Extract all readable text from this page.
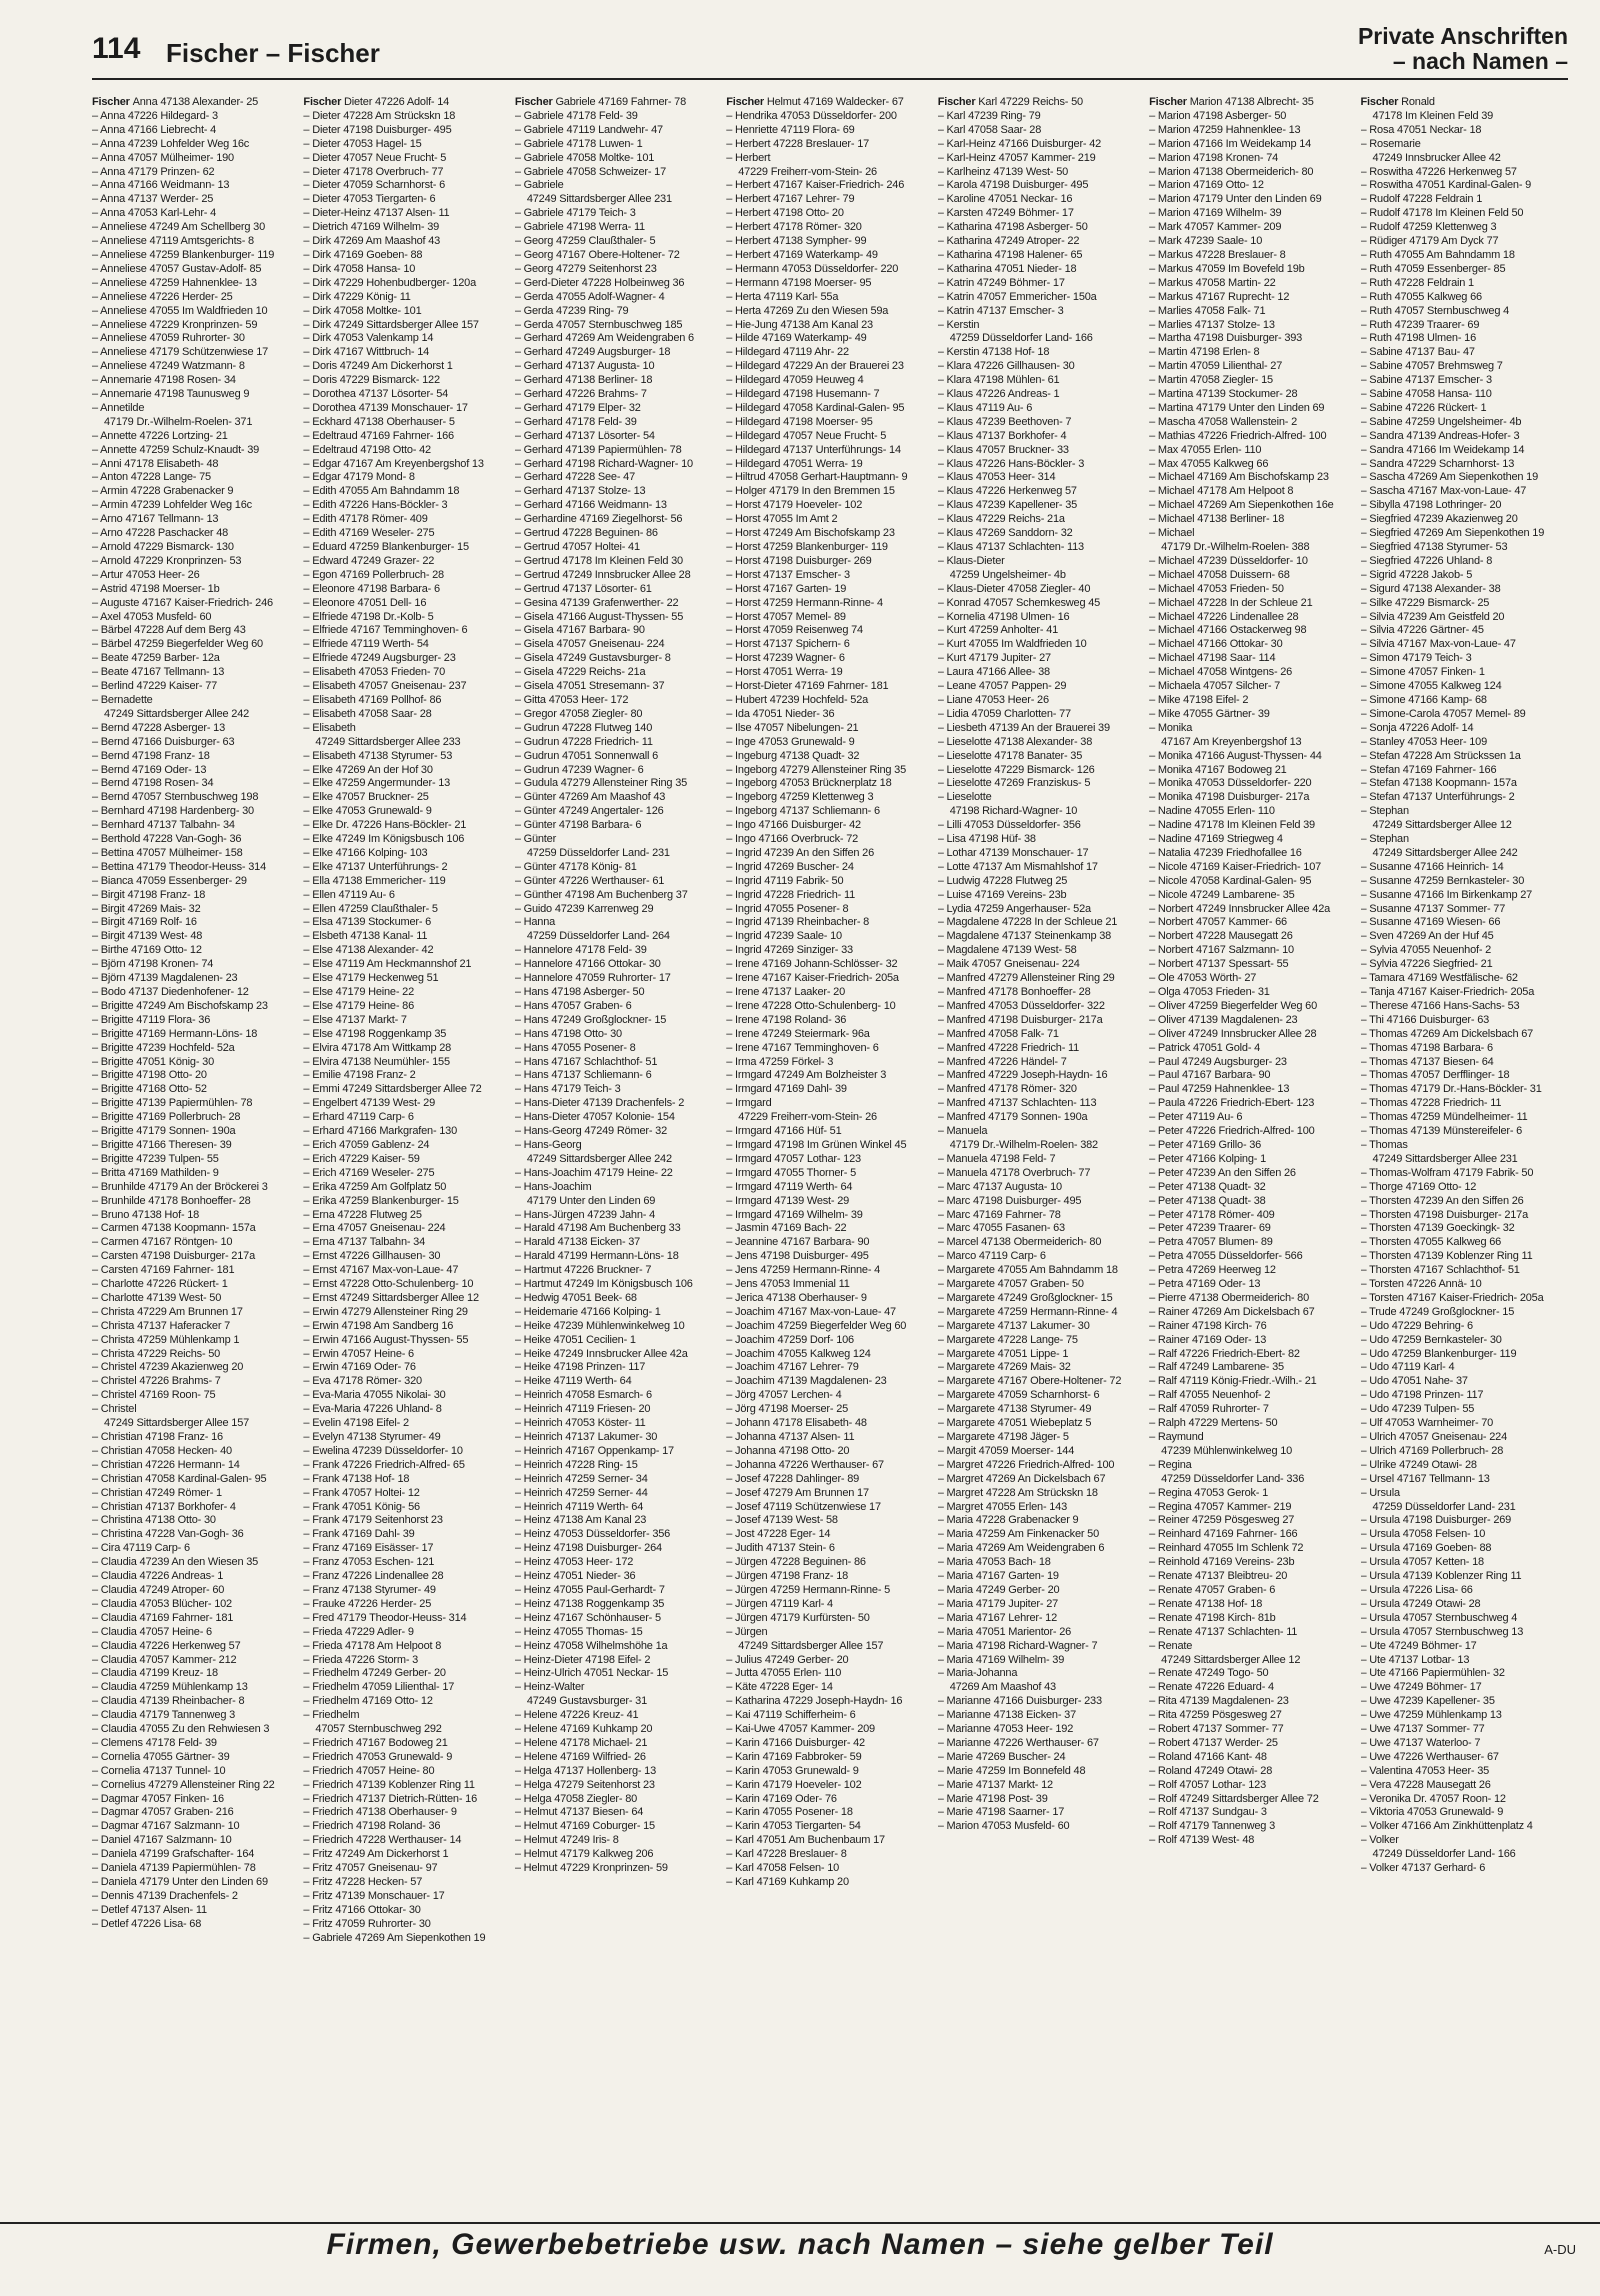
114 Fischer – Fischer
Private Anschriften
– nach Namen –
Fischer Anna 47138 Alexander- 25
– Anna 47226 Hildegard- 3
– Anna 47166 Liebrecht- 4
– Anna 47239 Lohfelder Weg 16c
– Anna 47057 Mülheimer- 190
– Anna 47179 Prinzen- 62
– Anna 47166 Weidmann- 13
– Anna 47137 Werder- 25
– Anna 47053 Karl-Lehr- 4
– Anneliese 47249 Am Schellberg 30
– Anneliese 47119 Amtsgerichts- 8
– Anneliese 47259 Blankenburger- 119
– Anneliese 47057 Gustav-Adolf- 85
– Anneliese 47259 Hahnenklee- 13
– Anneliese 47226 Herder- 25
– Anneliese 47055 Im Waldfrieden 10
– Anneliese 47229 Kronprinzen- 59
– Anneliese 47059 Ruhrorter- 30
– Anneliese 47179 Schützenwiese 17
– Anneliese 47249 Watzmann- 8
– Annemarie 47198 Rosen- 34
– Annemarie 47198 Taunusweg 9
– Annetilde
47179 Dr.-Wilhelm-Roelen- 371
– Annette 47226 Lortzing- 21
– Annette 47259 Schulz-Knaudt- 39
– Anni 47178 Elisabeth- 48
– Anton 47228 Lange- 75
– Armin 47228 Grabenacker 9
– Armin 47239 Lohfelder Weg 16c
– Arno 47167 Tellmann- 13
– Arno 47228 Paschacker 48
– Arnold 47229 Bismarck- 130
– Arnold 47229 Kronprinzen- 53
– Artur 47053 Heer- 26
– Astrid 47198 Moerser- 1b
– Auguste 47167 Kaiser-Friedrich- 246
– Axel 47053 Musfeld- 60
– Bärbel 47228 Auf dem Berg 43
– Bärbel 47259 Biegerfelder Weg 60
– Beate 47259 Barber- 12a
– Beate 47167 Tellmann- 13
– Berlind 47229 Kaiser- 77
– Bernadette
47249 Sittardsberger Allee 242
– Bernd 47228 Asberger- 13
– Bernd 47166 Duisburger- 63
– Bernd 47198 Franz- 18
– Bernd 47169 Oder- 13
– Bernd 47198 Rosen- 34
– Bernd 47057 Sternbuschweg 198
– Bernhard 47198 Hardenberg- 30
– Bernhard 47137 Talbahn- 34
– Berthold 47228 Van-Gogh- 36
– Bettina 47057 Mülheimer- 158
– Bettina 47179 Theodor-Heuss- 314
– Bianca 47059 Essenberger- 29
– Birgit 47198 Franz- 18
– Birgit 47269 Mais- 32
– Birgit 47169 Rolf- 16
– Birgit 47139 West- 48
– Birthe 47169 Otto- 12
– Björn 47198 Kronen- 74
– Björn 47139 Magdalenen- 23
– Bodo 47137 Diedenhofener- 12
– Brigitte 47249 Am Bischofskamp 23
– Brigitte 47119 Flora- 36
– Brigitte 47169 Hermann-Löns- 18
– Brigitte 47239 Hochfeld- 52a
– Brigitte 47051 König- 30
– Brigitte 47198 Otto- 20
– Brigitte 47168 Otto- 52
– Brigitte 47139 Papiermühlen- 78
– Brigitte 47169 Pollerbruch- 28
– Brigitte 47179 Sonnen- 190a
– Brigitte 47166 Theresen- 39
– Brigitte 47239 Tulpen- 55
– Britta 47169 Mathilden- 9
– Brunhilde 47179 An der Bröckerei 3
– Brunhilde 47178 Bonhoeffer- 28
– Bruno 47138 Hof- 18
– Carmen 47138 Koopmann- 157a
– Carmen 47167 Röntgen- 10
– Carsten 47198 Duisburger- 217a
– Carsten 47169 Fahrner- 181
– Charlotte 47226 Rückert- 1
– Charlotte 47139 West- 50
– Christa 47229 Am Brunnen 17
– Christa 47137 Haferacker 7
– Christa 47259 Mühlenkamp 1
– Christa 47229 Reichs- 50
– Christel 47239 Akazienweg 20
– Christel 47226 Brahms- 7
– Christel 47169 Roon- 75
– Christel
47249 Sittardsberger Allee 157
– Christian 47198 Franz- 16
– Christian 47058 Hecken- 40
– Christian 47226 Hermann- 14
– Christian 47058 Kardinal-Galen- 95
– Christian 47249 Römer- 1
– Christian 47137 Borkhofer- 4
– Christina 47138 Otto- 30
– Christina 47228 Van-Gogh- 36
– Cira 47119 Carp- 6
– Claudia 47239 An den Wiesen 35
– Claudia 47226 Andreas- 1
– Claudia 47249 Atroper- 60
– Claudia 47053 Blücher- 102
– Claudia 47169 Fahrner- 181
– Claudia 47057 Heine- 6
– Claudia 47226 Herkenweg 57
– Claudia 47057 Kammer- 212
– Claudia 47199 Kreuz- 18
– Claudia 47259 Mühlenkamp 13
– Claudia 47139 Rheinbacher- 8
– Claudia 47179 Tannenweg 3
– Claudia 47055 Zu den Rehwiesen 3
– Clemens 47178 Feld- 39
– Cornelia 47055 Gärtner- 39
– Cornelia 47137 Tunnel- 10
– Cornelius 47279 Allensteiner Ring 22
– Dagmar 47057 Finken- 16
– Dagmar 47057 Graben- 216
– Dagmar 47167 Salzmann- 10
– Daniel 47167 Salzmann- 10
– Daniela 47199 Grafschafter- 164
– Daniela 47139 Papiermühlen- 78
– Daniela 47179 Unter den Linden 69
– Dennis 47139 Drachenfels- 2
– Detlef 47137 Alsen- 11
– Detlef 47226 Lisa- 68
Fischer Dieter 47226 Adolf- 14
– Dieter 47228 Am Strückskn 18
– Dieter 47198 Duisburger- 495
– Dieter 47053 Hagel- 15
– Dieter 47057 Neue Frucht- 5
– Dieter 47178 Overbruch- 77
– Dieter 47059 Scharnhorst- 6
– Dieter 47053 Tiergarten- 6
– Dieter-Heinz 47137 Alsen- 11
– Dietrich 47169 Wilhelm- 39
– Dirk 47269 Am Maashof 43
– Dirk 47169 Goeben- 88
– Dirk 47058 Hansa- 10
– Dirk 47229 Hohenbudberger- 120a
– Dirk 47229 König- 11
– Dirk 47058 Moltke- 101
– Dirk 47249 Sittardsberger Allee 157
– Dirk 47053 Valenkamp 14
– Dirk 47167 Wittbruch- 14
– Doris 47249 Am Dickerhorst 1
– Doris 47229 Bismarck- 122
– Dorothea 47137 Lösorter- 54
– Dorothea 47139 Monschauer- 17
– Eckhard 47138 Oberhauser- 5
– Edeltraud 47169 Fahrner- 166
– Edeltraud 47198 Otto- 42
– Edgar 47167 Am Kreyenbergshof 13
– Edgar 47179 Mond- 8
– Edith 47055 Am Bahndamm 18
– Edith 47226 Hans-Böckler- 3
– Edith 47178 Römer- 409
– Edith 47169 Weseler- 275
– Eduard 47259 Blankenburger- 15
– Edward 47249 Grazer- 22
– Egon 47169 Pollerbruch- 28
– Eleonore 47198 Barbara- 6
– Eleonore 47051 Dell- 16
– Elfriede 47198 Dr.-Kolb- 5
– Elfriede 47167 Temminghoven- 6
– Elfriede 47119 Werth- 54
– Elfriede 47249 Augsburger- 23
– Elisabeth 47053 Frieden- 70
– Elisabeth 47057 Gneisenau- 237
– Elisabeth 47169 Pollhof- 86
– Elisabeth 47058 Saar- 28
– Elisabeth
47249 Sittardsberger Allee 233
– Elisabeth 47138 Styrumer- 53
– Elke 47269 An der Hof 30
– Elke 47259 Angermunder- 13
– Elke 47057 Bruckner- 25
– Elke 47053 Grunewald- 9
– Elke Dr. 47226 Hans-Böckler- 21
– Elke 47249 Im Königsbusch 106
– Elke 47166 Kolping- 103
– Elke 47137 Unterführungs- 2
– Ella 47138 Emmericher- 119
– Ellen 47119 Au- 6
– Ellen 47259 Claußthaler- 5
– Elsa 47139 Stockumer- 6
– Elsbeth 47138 Kanal- 11
– Else 47138 Alexander- 42
– Else 47119 Am Heckmannshof 21
– Else 47179 Heckenweg 51
– Else 47179 Heine- 22
– Else 47179 Heine- 86
– Else 47137 Markt- 7
– Else 47198 Roggenkamp 35
– Elvira 47178 Am Wittkamp 28
– Elvira 47138 Neumühler- 155
– Emilie 47198 Franz- 2
– Emmi 47249 Sittardsberger Allee 72
– Engelbert 47139 West- 29
– Erhard 47119 Carp- 6
– Erhard 47166 Markgrafen- 130
– Erich 47059 Gablenz- 24
– Erich 47229 Kaiser- 59
– Erich 47169 Weseler- 275
– Erika 47259 Am Golfplatz 50
– Erika 47259 Blankenburger- 15
– Erna 47228 Flutweg 25
– Erna 47057 Gneisenau- 224
– Erna 47137 Talbahn- 34
– Ernst 47226 Gillhausen- 30
– Ernst 47167 Max-von-Laue- 47
– Ernst 47228 Otto-Schulenberg- 10
– Ernst 47249 Sittardsberger Allee 12
– Erwin 47279 Allensteiner Ring 29
– Erwin 47198 Am Sandberg 16
– Erwin 47166 August-Thyssen- 55
– Erwin 47057 Heine- 6
– Erwin 47169 Oder- 76
– Eva 47178 Römer- 320
– Eva-Maria 47055 Nikolai- 30
– Eva-Maria 47226 Uhland- 8
– Evelin 47198 Eifel- 2
– Evelyn 47138 Styrumer- 49
– Ewelina 47239 Düsseldorfer- 10
– Frank 47226 Friedrich-Alfred- 65
– Frank 47138 Hof- 18
– Frank 47057 Holtei- 12
– Frank 47051 König- 56
– Frank 47179 Seitenhorst 23
– Frank 47169 Dahl- 39
– Franz 47169 Eisässer- 17
– Franz 47053 Eschen- 121
– Franz 47226 Lindenallee 28
– Franz 47138 Styrumer- 49
– Frauke 47226 Herder- 25
– Fred 47179 Theodor-Heuss- 314
– Frieda 47229 Adler- 9
– Frieda 47178 Am Helpoot 8
– Frieda 47226 Storm- 3
– Friedhelm 47249 Gerber- 20
– Friedhelm 47059 Lilienthal- 17
– Friedhelm 47169 Otto- 12
– Friedhelm
47057 Sternbuschweg 292
– Friedrich 47167 Bodoweg 21
– Friedrich 47053 Grunewald- 9
– Friedrich 47057 Heine- 80
– Friedrich 47139 Koblenzer Ring 11
– Friedrich 47137 Dietrich-Rütten- 16
– Friedrich 47138 Oberhauser- 9
– Friedrich 47198 Roland- 36
– Friedrich 47228 Werthauser- 14
– Fritz 47249 Am Dickerhorst 1
– Fritz 47057 Gneisenau- 97
– Fritz 47228 Hecken- 57
– Fritz 47139 Monschauer- 17
– Fritz 47166 Ottokar- 30
– Fritz 47059 Ruhrorter- 30
– Gabriele 47269 Am Siepenkothen 19
Fischer Gabriele 47169 Fahrner- 78
– Gabriele 47178 Feld- 39
– Gabriele 47119 Landwehr- 47
– Gabriele 47178 Luwen- 1
– Gabriele 47058 Moltke- 101
– Gabriele 47058 Schweizer- 17
– Gabriele
47249 Sittardsberger Allee 231
– Gabriele 47179 Teich- 3
– Gabriele 47198 Werra- 11
– Georg 47259 Claußthaler- 5
– Georg 47167 Obere-Holtener- 72
– Georg 47279 Seitenhorst 23
– Gerd-Dieter 47228 Holbeinweg 36
– Gerda 47055 Adolf-Wagner- 4
– Gerda 47239 Ring- 79
– Gerda 47057 Sternbuschweg 185
– Gerhard 47269 Am Weidengraben 6
– Gerhard 47249 Augsburger- 18
– Gerhard 47137 Augusta- 10
– Gerhard 47138 Berliner- 18
– Gerhard 47226 Brahms- 7
– Gerhard 47179 Elper- 32
– Gerhard 47178 Feld- 39
– Gerhard 47137 Lösorter- 54
– Gerhard 47139 Papiermühlen- 78
– Gerhard 47198 Richard-Wagner- 10
– Gerhard 47228 See- 47
– Gerhard 47137 Stolze- 13
– Gerhard 47166 Weidmann- 13
– Gerhardine 47169 Ziegelhorst- 56
– Gertrud 47228 Beguinen- 86
– Gertrud 47057 Holtei- 41
– Gertrud 47178 Im Kleinen Feld 30
– Gertrud 47249 Innsbrucker Allee 28
– Gertrud 47137 Lösorter- 61
– Gesina 47139 Grafenwerther- 22
– Gisela 47166 August-Thyssen- 55
– Gisela 47167 Barbara- 90
– Gisela 47057 Gneisenau- 224
– Gisela 47249 Gustavsburger- 8
– Gisela 47229 Reichs- 21a
– Gisela 47051 Stresemann- 37
– Gitta 47053 Heer- 172
– Gregor 47058 Ziegler- 80
– Gudrun 47228 Flutweg 140
– Gudrun 47228 Friedrich- 11
– Gudrun 47051 Sonnenwall 6
– Gudrun 47239 Wagner- 6
– Gudula 47279 Allensteiner Ring 35
– Günter 47269 Am Maashof 43
– Günter 47249 Angertaler- 126
– Günter 47198 Barbara- 6
– Günter
47259 Düsseldorfer Land- 231
– Günter 47178 König- 81
– Günter 47226 Werthauser- 61
– Günther 47198 Am Buchenberg 37
– Guido 47239 Karrenweg 29
– Hanna
47259 Düsseldorfer Land- 264
– Hannelore 47178 Feld- 39
– Hannelore 47166 Ottokar- 30
– Hannelore 47059 Ruhrorter- 17
– Hans 47198 Asberger- 50
– Hans 47057 Graben- 6
– Hans 47249 Großglockner- 15
– Hans 47198 Otto- 30
– Hans 47055 Posener- 8
– Hans 47167 Schlachthof- 51
– Hans 47137 Schliemann- 6
– Hans 47179 Teich- 3
– Hans-Dieter 47139 Drachenfels- 2
– Hans-Dieter 47057 Kolonie- 154
– Hans-Georg 47249 Römer- 32
– Hans-Georg
47249 Sittardsberger Allee 242
– Hans-Joachim 47179 Heine- 22
– Hans-Joachim
47179 Unter den Linden 69
– Hans-Jürgen 47239 Jahn- 4
– Harald 47198 Am Buchenberg 33
– Harald 47138 Eicken- 37
– Harald 47199 Hermann-Löns- 18
– Hartmut 47226 Bruckner- 7
– Hartmut 47249 Im Königsbusch 106
– Hedwig 47051 Beek- 68
– Heidemarie 47166 Kolping- 1
– Heike 47239 Mühlenwinkelweg 10
– Heike 47051 Cecilien- 1
– Heike 47249 Innsbrucker Allee 42a
– Heike 47198 Prinzen- 117
– Heike 47119 Werth- 64
– Heinrich 47058 Esmarch- 6
– Heinrich 47119 Friesen- 20
– Heinrich 47053 Köster- 11
– Heinrich 47137 Lakumer- 30
– Heinrich 47167 Oppenkamp- 17
– Heinrich 47228 Ring- 15
– Heinrich 47259 Serner- 34
– Heinrich 47259 Serner- 44
– Heinrich 47119 Werth- 64
– Heinz 47138 Am Kanal 23
– Heinz 47053 Düsseldorfer- 356
– Heinz 47198 Duisburger- 264
– Heinz 47053 Heer- 172
– Heinz 47051 Nieder- 36
– Heinz 47055 Paul-Gerhardt- 7
– Heinz 47138 Roggenkamp 35
– Heinz 47167 Schönhauser- 5
– Heinz 47055 Thomas- 15
– Heinz 47058 Wilhelmshöhe 1a
– Heinz-Dieter 47198 Eifel- 2
– Heinz-Ulrich 47051 Neckar- 15
– Heinz-Walter
47249 Gustavsburger- 31
– Helene 47226 Kreuz- 41
– Helene 47169 Kuhkamp 20
– Helene 47178 Michael- 21
– Helene 47169 Wilfried- 26
– Helga 47137 Hollenberg- 13
– Helga 47279 Seitenhorst 23
– Helga 47058 Ziegler- 80
– Helmut 47137 Biesen- 64
– Helmut 47169 Coburger- 15
– Helmut 47249 Iris- 8
– Helmut 47179 Kalkweg 206
– Helmut 47229 Kronprinzen- 59
Fischer Helmut 47169 Waldecker- 67
– Hendrika 47053 Düsseldorfer- 200
– Henriette 47119 Flora- 69
– Herbert 47228 Breslauer- 17
– Herbert
47229 Freiherr-vom-Stein- 26
– Herbert 47167 Kaiser-Friedrich- 246
– Herbert 47167 Lehrer- 79
– Herbert 47198 Otto- 20
– Herbert 47178 Römer- 320
– Herbert 47138 Sympher- 99
– Herbert 47169 Waterkamp- 49
– Hermann 47053 Düsseldorfer- 220
– Hermann 47198 Moerser- 95
– Herta 47119 Karl- 55a
– Herta 47269 Zu den Wiesen 59a
– Hie-Jung 47138 Am Kanal 23
– Hilde 47169 Waterkamp- 49
– Hildegard 47119 Ahr- 22
– Hildegard 47229 An der Brauerei 23
– Hildegard 47059 Heuweg 4
– Hildegard 47198 Husemann- 7
– Hildegard 47058 Kardinal-Galen- 95
– Hildegard 47198 Moerser- 95
– Hildegard 47057 Neue Frucht- 5
– Hildegard 47137 Unterführungs- 14
– Hildegard 47051 Werra- 19
– Hiltrud 47058 Gerhart-Hauptmann- 9
– Holger 47179 In den Bremmen 15
– Horst 47179 Hoeveler- 102
– Horst 47055 Im Amt 2
– Horst 47249 Am Bischofskamp 23
– Horst 47259 Blankenburger- 119
– Horst 47198 Duisburger- 269
– Horst 47137 Emscher- 3
– Horst 47167 Garten- 19
– Horst 47259 Hermann-Rinne- 4
– Horst 47057 Memel- 89
– Horst 47059 Reisenweg 74
– Horst 47137 Spichern- 6
– Horst 47239 Wagner- 6
– Horst 47051 Werra- 19
– Horst-Dieter 47169 Fahrner- 181
– Hubert 47239 Hochfeld- 52a
– Ida 47051 Nieder- 36
– Ilse 47057 Nibelungen- 21
– Inge 47053 Grunewald- 9
– Ingeburg 47138 Quadt- 32
– Ingeborg 47279 Allensteiner Ring 35
– Ingeborg 47053 Brücknerplatz 18
– Ingeborg 47259 Klettenweg 3
– Ingeborg 47137 Schliemann- 6
– Ingo 47166 Duisburger- 42
– Ingo 47166 Overbruck- 72
– Ingrid 47239 An den Siffen 26
– Ingrid 47269 Buscher- 24
– Ingrid 47119 Fabrik- 50
– Ingrid 47228 Friedrich- 11
– Ingrid 47055 Posener- 8
– Ingrid 47139 Rheinbacher- 8
– Ingrid 47239 Saale- 10
– Ingrid 47269 Sinziger- 33
– Irene 47169 Johann-Schlösser- 32
– Irene 47167 Kaiser-Friedrich- 205a
– Irene 47137 Laaker- 20
– Irene 47228 Otto-Schulenberg- 10
– Irene 47198 Roland- 36
– Irene 47249 Steiermark- 96a
– Irene 47167 Temminghoven- 6
– Irma 47259 Förkel- 3
– Irmgard 47249 Am Bolzheister 3
– Irmgard 47169 Dahl- 39
– Irmgard
47229 Freiherr-vom-Stein- 26
– Irmgard 47166 Hüf- 51
– Irmgard 47198 Im Grünen Winkel 45
– Irmgard 47057 Lothar- 123
– Irmgard 47055 Thorner- 5
– Irmgard 47119 Werth- 64
– Irmgard 47139 West- 29
– Irmgard 47169 Wilhelm- 39
– Jasmin 47169 Bach- 22
– Jeannine 47167 Barbara- 90
– Jens 47198 Duisburger- 495
– Jens 47259 Hermann-Rinne- 4
– Jens 47053 Immenial 11
– Jerica 47138 Oberhauser- 9
– Joachim 47167 Max-von-Laue- 47
– Joachim 47259 Biegerfelder Weg 60
– Joachim 47259 Dorf- 106
– Joachim 47055 Kalkweg 124
– Joachim 47167 Lehrer- 79
– Joachim 47139 Magdalenen- 23
– Jörg 47057 Lerchen- 4
– Jörg 47198 Moerser- 25
– Johann 47178 Elisabeth- 48
– Johanna 47137 Alsen- 11
– Johanna 47198 Otto- 20
– Johanna 47226 Werthauser- 67
– Josef 47228 Dahlinger- 89
– Josef 47279 Am Brunnen 17
– Josef 47119 Schützenwiese 17
– Josef 47139 West- 58
– Jost 47228 Eger- 14
– Judith 47137 Stein- 6
– Jürgen 47228 Beguinen- 86
– Jürgen 47198 Franz- 18
– Jürgen 47259 Hermann-Rinne- 5
– Jürgen 47119 Karl- 4
– Jürgen 47179 Kurfürsten- 50
– Jürgen
47249 Sittardsberger Allee 157
– Julius 47249 Gerber- 20
– Jutta 47055 Erlen- 110
– Käte 47228 Eger- 14
– Katharina 47229 Joseph-Haydn- 16
– Kai 47119 Schifferheim- 6
– Kai-Uwe 47057 Kammer- 209
– Karin 47166 Duisburger- 42
– Karin 47169 Fabbroker- 59
– Karin 47053 Grunewald- 9
– Karin 47179 Hoeveler- 102
– Karin 47169 Oder- 76
– Karin 47055 Posener- 18
– Karin 47053 Tiergarten- 54
– Karl 47051 Am Buchenbaum 17
– Karl 47228 Breslauer- 8
– Karl 47058 Felsen- 10
– Karl 47169 Kuhkamp 20
Fischer Karl 47229 Reichs- 50
– Karl 47239 Ring- 79
– Karl 47058 Saar- 28
– Karl-Heinz 47166 Duisburger- 42
– Karl-Heinz 47057 Kammer- 219
– Karlheinz 47139 West- 50
– Karola 47198 Duisburger- 495
– Karoline 47051 Neckar- 16
– Karsten 47249 Böhmer- 17
– Katharina 47198 Asberger- 50
– Katharina 47249 Atroper- 22
– Katharina 47198 Halener- 65
– Katharina 47051 Nieder- 18
– Katrin 47249 Böhmer- 17
– Katrin 47057 Emmericher- 150a
– Katrin 47137 Emscher- 3
– Kerstin
47259 Düsseldorfer Land- 166
– Kerstin 47138 Hof- 18
– Klara 47226 Gillhausen- 30
– Klara 47198 Mühlen- 61
– Klaus 47226 Andreas- 1
– Klaus 47119 Au- 6
– Klaus 47239 Beethoven- 7
– Klaus 47137 Borkhofer- 4
– Klaus 47057 Bruckner- 33
– Klaus 47226 Hans-Böckler- 3
– Klaus 47053 Heer- 314
– Klaus 47226 Herkenweg 57
– Klaus 47239 Kapellener- 35
– Klaus 47229 Reichs- 21a
– Klaus 47269 Sanddorn- 32
– Klaus 47137 Schlachten- 113
– Klaus-Dieter
47259 Ungelsheimer- 4b
– Klaus-Dieter 47058 Ziegler- 40
– Konrad 47057 Schemkesweg 45
– Kornelia 47198 Ulmen- 16
– Kurt 47259 Anholter- 41
– Kurt 47055 Im Waldfrieden 10
– Kurt 47179 Jupiter- 27
– Laura 47166 Allee- 38
– Leane 47057 Pappen- 29
– Liane 47053 Heer- 26
– Lidia 47059 Charlotten- 77
– Liesbeth 47139 An der Brauerei 39
– Lieselotte 47138 Alexander- 38
– Lieselotte 47178 Banater- 35
– Lieselotte 47229 Bismarck- 126
– Lieselotte 47269 Franziskus- 5
– Lieselotte
47198 Richard-Wagner- 10
– Lilli 47053 Düsseldorfer- 356
– Lisa 47198 Hüf- 38
– Lothar 47139 Monschauer- 17
– Lotte 47137 Am Mismahlshof 17
– Ludwig 47228 Flutweg 25
– Luise 47169 Vereins- 23b
– Lydia 47259 Angerhauser- 52a
– Magdalene 47228 In der Schleue 21
– Magdalene 47137 Steinenkamp 38
– Magdalene 47139 West- 58
– Maik 47057 Gneisenau- 224
– Manfred 47279 Allensteiner Ring 29
– Manfred 47178 Bonhoeffer- 28
– Manfred 47053 Düsseldorfer- 322
– Manfred 47198 Duisburger- 217a
– Manfred 47058 Falk- 71
– Manfred 47228 Friedrich- 11
– Manfred 47226 Händel- 7
– Manfred 47229 Joseph-Haydn- 16
– Manfred 47178 Römer- 320
– Manfred 47137 Schlachten- 113
– Manfred 47179 Sonnen- 190a
– Manuela
47179 Dr.-Wilhelm-Roelen- 382
– Manuela 47198 Feld- 7
– Manuela 47178 Overbruch- 77
– Marc 47137 Augusta- 10
– Marc 47198 Duisburger- 495
– Marc 47169 Fahrner- 78
– Marc 47055 Fasanen- 63
– Marcel 47138 Obermeiderich- 80
– Marco 47119 Carp- 6
– Margarete 47055 Am Bahndamm 18
– Margarete 47057 Graben- 50
– Margarete 47249 Großglockner- 15
– Margarete 47259 Hermann-Rinne- 4
– Margarete 47137 Lakumer- 30
– Margarete 47228 Lange- 75
– Margarete 47051 Lippe- 1
– Margarete 47269 Mais- 32
– Margarete 47167 Obere-Holtener- 72
– Margarete 47059 Scharnhorst- 6
– Margarete 47138 Styrumer- 49
– Margarete 47051 Wiebeplatz 5
– Margarete 47198 Jäger- 5
– Margit 47059 Moerser- 144
– Margret 47226 Friedrich-Alfred- 100
– Margret 47269 An Dickelsbach 67
– Margret 47228 Am Strückskn 18
– Margret 47055 Erlen- 143
– Maria 47228 Grabenacker 9
– Maria 47259 Am Finkenacker 50
– Maria 47269 Am Weidengraben 6
– Maria 47053 Bach- 18
– Maria 47167 Garten- 19
– Maria 47249 Gerber- 20
– Maria 47179 Jupiter- 27
– Maria 47167 Lehrer- 12
– Maria 47051 Marientor- 26
– Maria 47198 Richard-Wagner- 7
– Maria 47169 Wilhelm- 39
– Maria-Johanna
47269 Am Maashof 43
– Marianne 47166 Duisburger- 233
– Marianne 47138 Eicken- 37
– Marianne 47053 Heer- 192
– Marianne 47226 Werthauser- 67
– Marie 47269 Buscher- 24
– Marie 47259 Im Bonnefeld 48
– Marie 47137 Markt- 12
– Marie 47198 Post- 39
– Marie 47198 Saarner- 17
– Marion 47053 Musfeld- 60
Fischer Marion 47138 Albrecht- 35
– Marion 47198 Asberger- 50
– Marion 47259 Hahnenklee- 13
– Marion 47166 Im Weidekamp 14
– Marion 47198 Kronen- 74
– Marion 47138 Obermeiderich- 80
– Marion 47169 Otto- 12
– Marion 47179 Unter den Linden 69
– Marion 47169 Wilhelm- 39
– Mark 47057 Kammer- 209
– Mark 47239 Saale- 10
– Markus 47228 Breslauer- 8
– Markus 47059 Im Bovefeld 19b
– Markus 47058 Martin- 22
– Markus 47167 Ruprecht- 12
– Marlies 47058 Falk- 71
– Marlies 47137 Stolze- 13
– Martha 47198 Duisburger- 393
– Martin 47198 Erlen- 8
– Martin 47059 Lilienthal- 27
– Martin 47058 Ziegler- 15
– Martina 47139 Stockumer- 28
– Martina 47179 Unter den Linden 69
– Mascha 47058 Wallenstein- 2
– Mathias 47226 Friedrich-Alfred- 100
– Max 47055 Erlen- 110
– Max 47055 Kalkweg 66
– Michael 47169 Am Bischofskamp 23
– Michael 47178 Am Helpoot 8
– Michael 47269 Am Siepenkothen 16e
– Michael 47138 Berliner- 18
– Michael
47179 Dr.-Wilhelm-Roelen- 388
– Michael 47239 Düsseldorfer- 10
– Michael 47058 Duissern- 68
– Michael 47053 Frieden- 50
– Michael 47228 In der Schleue 21
– Michael 47226 Lindenallee 28
– Michael 47166 Ostackerweg 98
– Michael 47166 Ottokar- 30
– Michael 47198 Saar- 114
– Michael 47058 Wintgens- 26
– Michaela 47057 Silcher- 7
– Mike 47198 Eifel- 2
– Mike 47055 Gärtner- 39
– Monika
47167 Am Kreyenbergshof 13
– Monika 47166 August-Thyssen- 44
– Monika 47167 Bodoweg 21
– Monika 47053 Düsseldorfer- 220
– Monika 47198 Duisburger- 217a
– Nadine 47055 Erlen- 110
– Nadine 47178 Im Kleinen Feld 39
– Nadine 47169 Striegweg 4
– Natalia 47239 Friedhofallee 16
– Nicole 47169 Kaiser-Friedrich- 107
– Nicole 47058 Kardinal-Galen- 95
– Nicole 47249 Lambarene- 35
– Norbert 47249 Innsbrucker Allee 42a
– Norbert 47057 Kammer- 66
– Norbert 47228 Mausegatt 26
– Norbert 47167 Salzmann- 10
– Norbert 47137 Spessart- 55
– Ole 47053 Wörth- 27
– Olga 47053 Frieden- 31
– Oliver 47259 Biegerfelder Weg 60
– Oliver 47139 Magdalenen- 23
– Oliver 47249 Innsbrucker Allee 28
– Patrick 47051 Gold- 4
– Paul 47249 Augsburger- 23
– Paul 47167 Barbara- 90
– Paul 47259 Hahnenklee- 13
– Paula 47226 Friedrich-Ebert- 123
– Peter 47119 Au- 6
– Peter 47226 Friedrich-Alfred- 100
– Peter 47169 Grillo- 36
– Peter 47166 Kolping- 1
– Peter 47239 An den Siffen 26
– Peter 47138 Quadt- 32
– Peter 47138 Quadt- 38
– Peter 47178 Römer- 409
– Peter 47239 Traarer- 69
– Petra 47057 Blumen- 89
– Petra 47055 Düsseldorfer- 566
– Petra 47269 Heerweg 12
– Petra 47169 Oder- 13
– Pierre 47138 Obermeiderich- 80
– Rainer 47269 Am Dickelsbach 67
– Rainer 47198 Kirch- 76
– Rainer 47169 Oder- 13
– Ralf 47226 Friedrich-Ebert- 82
– Ralf 47249 Lambarene- 35
– Ralf 47119 König-Friedr.-Wilh.- 21
– Ralf 47055 Neuenhof- 2
– Ralf 47059 Ruhrorter- 7
– Ralph 47229 Mertens- 50
– Raymund
47239 Mühlenwinkelweg 10
– Regina
47259 Düsseldorfer Land- 336
– Regina 47053 Gerok- 1
– Regina 47057 Kammer- 219
– Reiner 47259 Pösgesweg 27
– Reinhard 47169 Fahrner- 166
– Reinhard 47055 Im Schlenk 72
– Reinhold 47169 Vereins- 23b
– Renate 47137 Bleibtreu- 20
– Renate 47057 Graben- 6
– Renate 47138 Hof- 18
– Renate 47198 Kirch- 81b
– Renate 47137 Schlachten- 11
– Renate
47249 Sittardsberger Allee 12
– Renate 47249 Togo- 50
– Renate 47226 Eduard- 4
– Rita 47139 Magdalenen- 23
– Rita 47259 Pösgesweg 27
– Robert 47137 Sommer- 77
– Robert 47137 Werder- 25
– Roland 47166 Kant- 48
– Roland 47249 Otawi- 28
– Rolf 47057 Lothar- 123
– Rolf 47249 Sittardsberger Allee 72
– Rolf 47137 Sundgau- 3
– Rolf 47179 Tannenweg 3
– Rolf 47139 West- 48
Fischer Ronald
47178 Im Kleinen Feld 39
– Rosa 47051 Neckar- 18
– Rosemarie
47249 Innsbrucker Allee 42
– Roswitha 47226 Herkenweg 57
– Roswitha 47051 Kardinal-Galen- 9
– Rudolf 47228 Feldrain 1
– Rudolf 47178 Im Kleinen Feld 50
– Rudolf 47259 Klettenweg 3
– Rüdiger 47179 Am Dyck 77
– Ruth 47055 Am Bahndamm 18
– Ruth 47059 Essenberger- 85
– Ruth 47228 Feldrain 1
– Ruth 47055 Kalkweg 66
– Ruth 47057 Sternbuschweg 4
– Ruth 47239 Traarer- 69
– Ruth 47198 Ulmen- 16
– Sabine 47137 Bau- 47
– Sabine 47057 Brehmsweg 7
– Sabine 47137 Emscher- 3
– Sabine 47058 Hansa- 110
– Sabine 47226 Rückert- 1
– Sabine 47259 Ungelsheimer- 4b
– Sandra 47139 Andreas-Hofer- 3
– Sandra 47166 Im Weidekamp 14
– Sandra 47229 Scharnhorst- 13
– Sascha 47269 Am Siepenkothen 19
– Sascha 47167 Max-von-Laue- 47
– Sibylla 47198 Lothringer- 20
– Siegfried 47239 Akazienweg 20
– Siegfried 47269 Am Siepenkothen 19
– Siegfried 47138 Styrumer- 53
– Siegfried 47226 Uhland- 8
– Sigrid 47228 Jakob- 5
– Sigurd 47138 Alexander- 38
– Silke 47229 Bismarck- 25
– Silvia 47239 Am Geistfeld 20
– Silvia 47226 Gärtner- 45
– Silvia 47167 Max-von-Laue- 47
– Simon 47179 Teich- 3
– Simone 47057 Finken- 1
– Simone 47055 Kalkweg 124
– Simone 47166 Kamp- 68
– Simone-Carola 47057 Memel- 89
– Sonja 47226 Adolf- 14
– Stanley 47053 Heer- 109
– Stefan 47228 Am Strückssen 1a
– Stefan 47169 Fahrner- 166
– Stefan 47138 Koopmann- 157a
– Stefan 47137 Unterführungs- 2
– Stephan
47249 Sittardsberger Allee 12
– Stephan
47249 Sittardsberger Allee 242
– Susanne 47166 Heinrich- 14
– Susanne 47259 Bernkasteler- 30
– Susanne 47166 Im Birkenkamp 27
– Susanne 47137 Sommer- 77
– Susanne 47169 Wiesen- 66
– Sven 47269 An der Huf 45
– Sylvia 47055 Neuenhof- 2
– Sylvia 47226 Siegfried- 21
– Tamara 47169 Westfälische- 62
– Tanja 47167 Kaiser-Friedrich- 205a
– Therese 47166 Hans-Sachs- 53
– Thi 47166 Duisburger- 63
– Thomas 47269 Am Dickelsbach 67
– Thomas 47198 Barbara- 6
– Thomas 47137 Biesen- 64
– Thomas 47057 Derfflinger- 18
– Thomas 47179 Dr.-Hans-Böckler- 31
– Thomas 47228 Friedrich- 11
– Thomas 47259 Mündelheimer- 11
– Thomas 47139 Münstereifeler- 6
– Thomas
47249 Sittardsberger Allee 231
– Thomas-Wolfram 47179 Fabrik- 50
– Thorge 47169 Otto- 12
– Thorsten 47239 An den Siffen 26
– Thorsten 47198 Duisburger- 217a
– Thorsten 47139 Goeckingk- 32
– Thorsten 47055 Kalkweg 66
– Thorsten 47139 Koblenzer Ring 11
– Thorsten 47167 Schlachthof- 51
– Torsten 47226 Annä- 10
– Torsten 47167 Kaiser-Friedrich- 205a
– Trude 47249 Großglockner- 15
– Udo 47229 Behring- 6
– Udo 47259 Bernkasteler- 30
– Udo 47259 Blankenburger- 119
– Udo 47119 Karl- 4
– Udo 47051 Nahe- 37
– Udo 47198 Prinzen- 117
– Udo 47239 Tulpen- 55
– Ulf 47053 Warnheimer- 70
– Ulrich 47057 Gneisenau- 224
– Ulrich 47169 Pollerbruch- 28
– Ulrike 47249 Otawi- 28
– Ursel 47167 Tellmann- 13
– Ursula
47259 Düsseldorfer Land- 231
– Ursula 47198 Duisburger- 269
– Ursula 47058 Felsen- 10
– Ursula 47169 Goeben- 88
– Ursula 47057 Ketten- 18
– Ursula 47139 Koblenzer Ring 11
– Ursula 47226 Lisa- 66
– Ursula 47249 Otawi- 28
– Ursula 47057 Sternbuschweg 4
– Ursula 47057 Sternbuschweg 13
– Ute 47249 Böhmer- 17
– Ute 47137 Lotbar- 13
– Ute 47166 Papiermühlen- 32
– Uwe 47249 Böhmer- 17
– Uwe 47239 Kapellener- 35
– Uwe 47259 Mühlenkamp 13
– Uwe 47137 Sommer- 77
– Uwe 47137 Waterloo- 7
– Uwe 47226 Werthauser- 67
– Valentina 47053 Heer- 35
– Vera 47228 Mausegatt 26
– Veronika Dr. 47057 Roon- 12
– Viktoria 47053 Grunewald- 9
– Volker 47166 Am Zinkhüttenplatz 4
– Volker
47249 Düsseldorfer Land- 166
– Volker 47137 Gerhard- 6
Firmen, Gewerbebetriebe usw. nach Namen – siehe gelber Teil	A-DU
